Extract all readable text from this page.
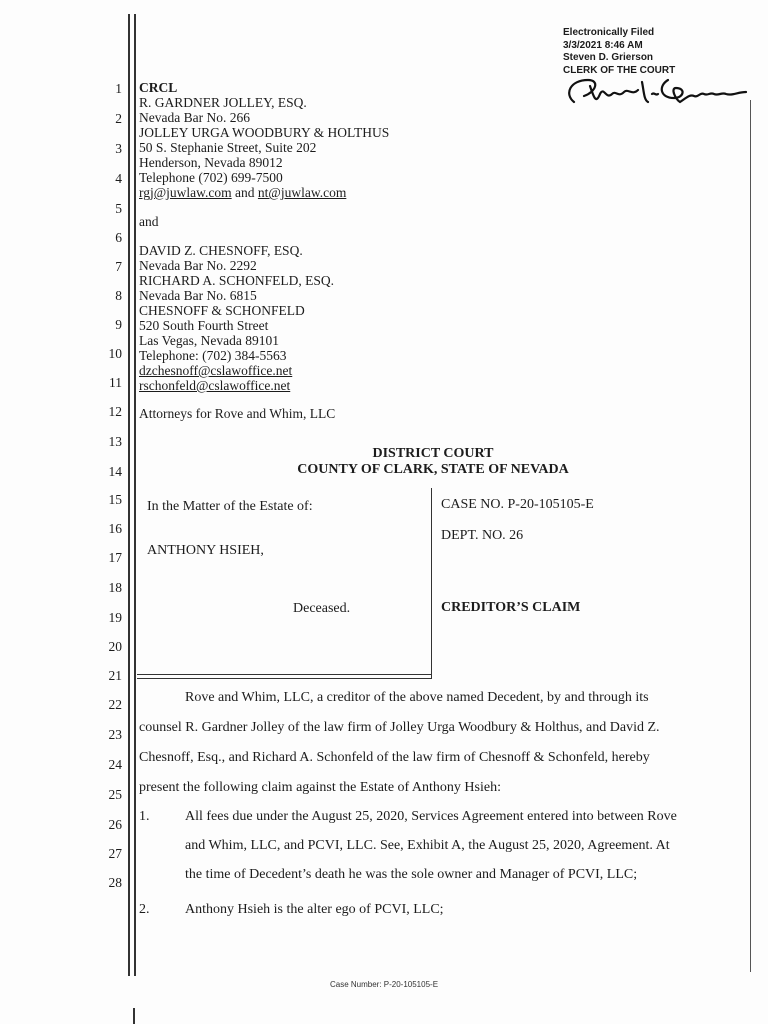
Electronically Filed
3/3/2021 8:46 AM
Steven D. Grierson
CLERK OF THE COURT
1
2
3
4
5
6
7
8
9
10
11
12
13
14
15
16
17
18
19
20
21
22
23
24
25
26
27
28
CRCL
R. GARDNER JOLLEY, ESQ.
Nevada Bar No. 266
JOLLEY URGA WOODBURY & HOLTHUS
50 S. Stephanie Street, Suite 202
Henderson, Nevada 89012
Telephone (702) 699-7500
rgj@juwlaw.com and nt@juwlaw.com
and
DAVID Z. CHESNOFF, ESQ.
Nevada Bar No. 2292
RICHARD A. SCHONFELD, ESQ.
Nevada Bar No. 6815
CHESNOFF & SCHONFELD
520 South Fourth Street
Las Vegas, Nevada 89101
Telephone: (702) 384-5563
dzchesnoff@cslawoffice.net
rschonfeld@cslawoffice.net
Attorneys for Rove and Whim, LLC
DISTRICT COURT
COUNTY OF CLARK, STATE OF NEVADA
In the Matter of the Estate of:
ANTHONY HSIEH,
Deceased.
CASE NO. P-20-105105-E
DEPT. NO. 26
CREDITOR’S CLAIM
Rove and Whim, LLC, a creditor of the above named Decedent, by and through its
counsel R. Gardner Jolley of the law firm of Jolley Urga Woodbury & Holthus, and David Z.
Chesnoff, Esq., and Richard A. Schonfeld of the law firm of Chesnoff & Schonfeld, hereby
present the following claim against the Estate of Anthony Hsieh:
1.	All fees due under the August 25, 2020, Services Agreement entered into between Rove
and Whim, LLC, and PCVI, LLC. See, Exhibit A, the August 25, 2020, Agreement. At
the time of Decedent’s death he was the sole owner and Manager of PCVI, LLC;
2.	Anthony Hsieh is the alter ego of PCVI, LLC;
Case Number: P-20-105105-E
